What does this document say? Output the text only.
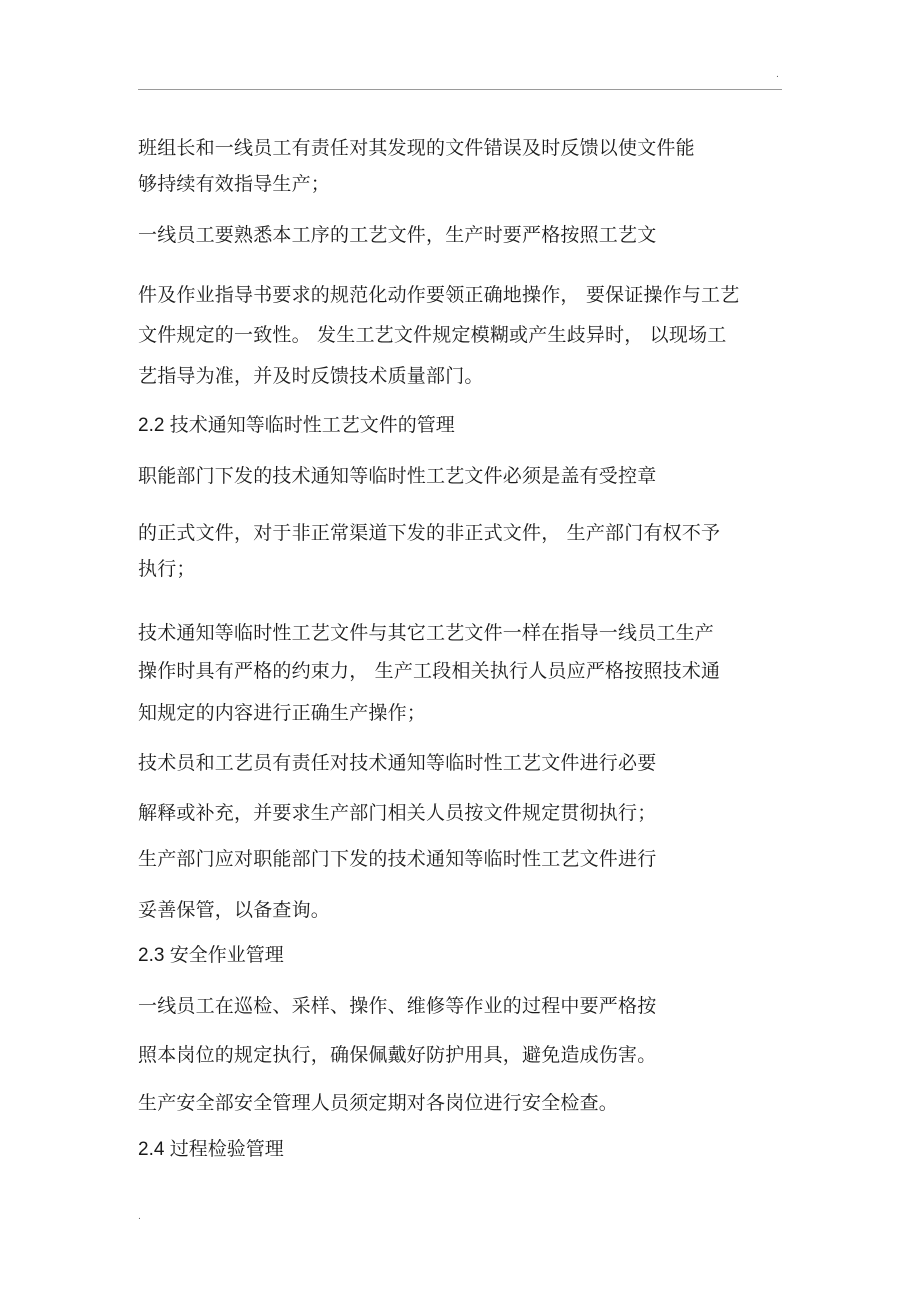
.
班组长和一线员工有责任对其发现的文件错误及时反馈以使文件能
够持续有效指导生产；
一线员工要熟悉本工序的工艺文件，生产时要严格按照工艺文
件及作业指导书要求的规范化动作要领正确地操作， 要保证操作与工艺
文件规定的一致性。 发生工艺文件规定模糊或产生歧异时， 以现场工
艺指导为准，并及时反馈技术质量部门。
2.2 技术通知等临时性工艺文件的管理
职能部门下发的技术通知等临时性工艺文件必须是盖有受控章
的正式文件，对于非正常渠道下发的非正式文件， 生产部门有权不予
执行；
技术通知等临时性工艺文件与其它工艺文件一样在指导一线员工生产
操作时具有严格的约束力， 生产工段相关执行人员应严格按照技术通
知规定的内容进行正确生产操作；
技术员和工艺员有责任对技术通知等临时性工艺文件进行必要
解释或补充，并要求生产部门相关人员按文件规定贯彻执行；
生产部门应对职能部门下发的技术通知等临时性工艺文件进行
妥善保管，以备查询。
2.3 安全作业管理
一线员工在巡检、采样、操作、维修等作业的过程中要严格按
照本岗位的规定执行，确保佩戴好防护用具，避免造成伤害。
生产安全部安全管理人员须定期对各岗位进行安全检查。
2.4 过程检验管理
.
